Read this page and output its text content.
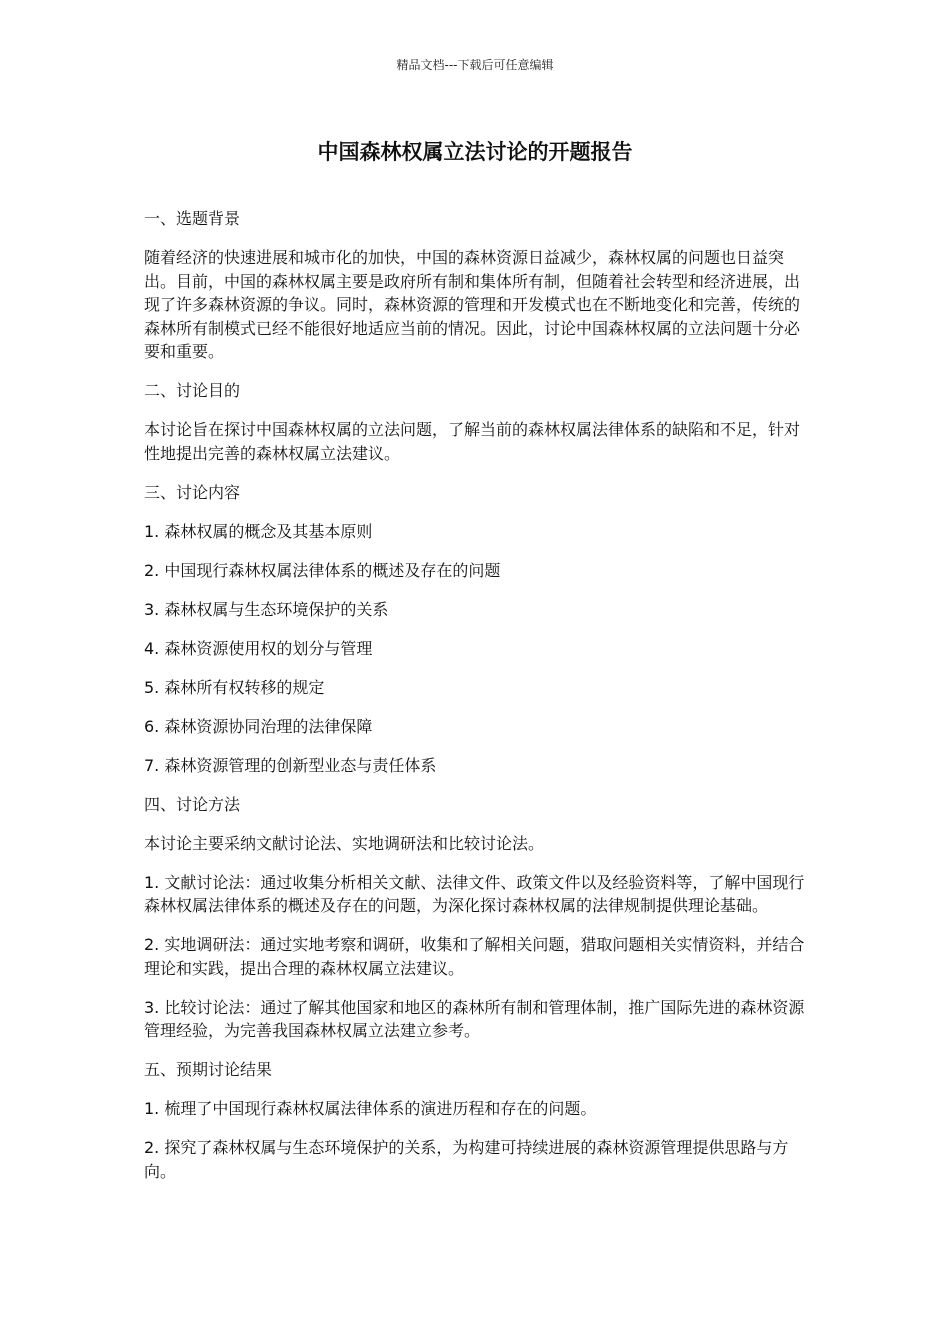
精品文档---下载后可任意编辑
中国森林权属立法讨论的开题报告

一、选题背景

随着经济的快速进展和城市化的加快，中国的森林资源日益减少，森林权属的问题也日益突出。目前，中国的森林权属主要是政府所有制和集体所有制，但随着社会转型和经济进展，出现了许多森林资源的争议。同时，森林资源的管理和开发模式也在不断地变化和完善，传统的森林所有制模式已经不能很好地适应当前的情况。因此，讨论中国森林权属的立法问题十分必要和重要。

二、讨论目的

本讨论旨在探讨中国森林权属的立法问题，了解当前的森林权属法律体系的缺陷和不足，针对性地提出完善的森林权属立法建议。

三、讨论内容

1. 森林权属的概念及其基本原则

2. 中国现行森林权属法律体系的概述及存在的问题

3. 森林权属与生态环境保护的关系

4. 森林资源使用权的划分与管理

5. 森林所有权转移的规定

6. 森林资源协同治理的法律保障

7. 森林资源管理的创新型业态与责任体系

四、讨论方法

本讨论主要采纳文献讨论法、实地调研法和比较讨论法。

1. 文献讨论法：通过收集分析相关文献、法律文件、政策文件以及经验资料等，了解中国现行森林权属法律体系的概述及存在的问题，为深化探讨森林权属的法律规制提供理论基础。

2. 实地调研法：通过实地考察和调研，收集和了解相关问题，猎取问题相关实情资料，并结合理论和实践，提出合理的森林权属立法建议。

3. 比较讨论法：通过了解其他国家和地区的森林所有制和管理体制，推广国际先进的森林资源管理经验，为完善我国森林权属立法建立参考。

五、预期讨论结果

1. 梳理了中国现行森林权属法律体系的演进历程和存在的问题。

2. 探究了森林权属与生态环境保护的关系，为构建可持续进展的森林资源管理提供思路与方向。
